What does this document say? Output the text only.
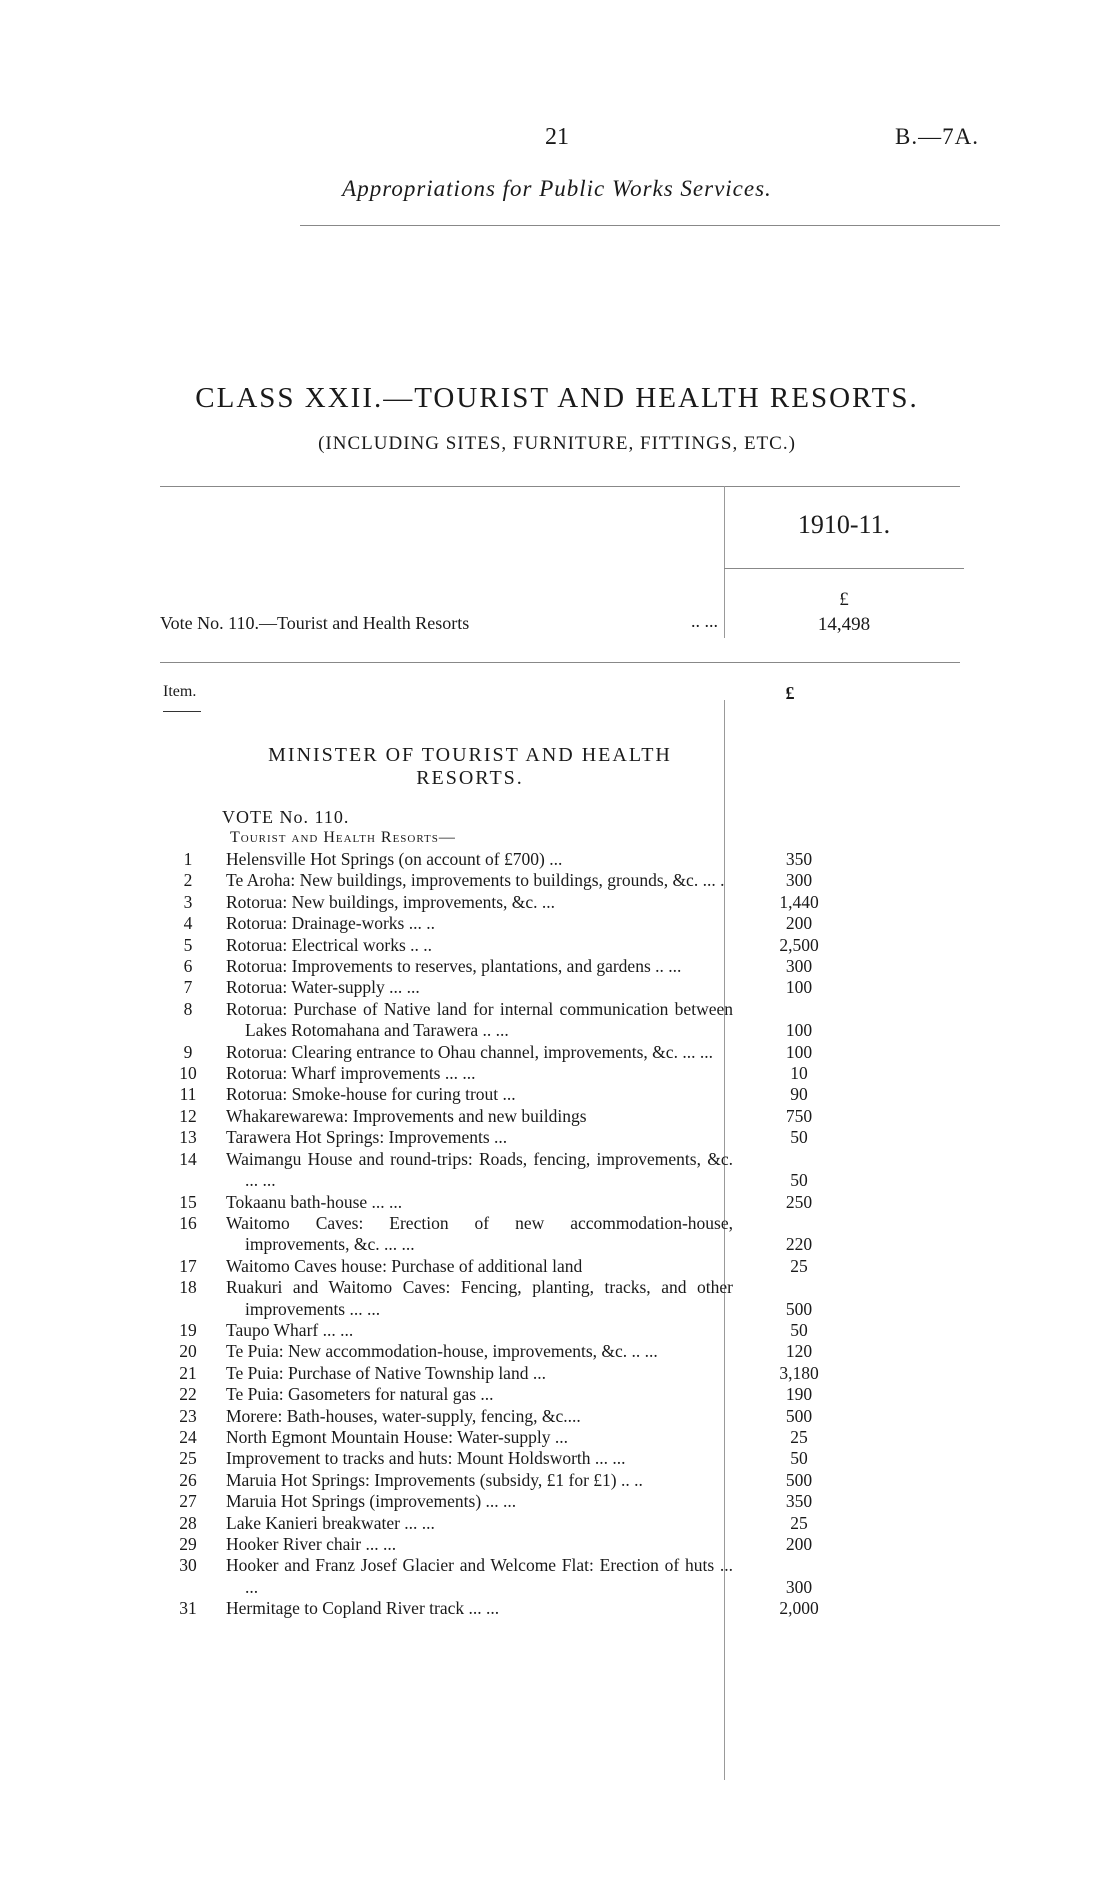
21	B.—7A.
Appropriations for Public Works Services.
CLASS XXII.—TOURIST AND HEALTH RESORTS.
(INCLUDING SITES, FURNITURE, FITTINGS, ETC.)
1910-11.
£
Vote No. 110.—Tourist and Health Resorts	.. ...	14,498
Item.	£
MINISTER OF TOURIST AND HEALTH RESORTS.
VOTE No. 110.
Tourist and Health Resorts—
1	Helensville Hot Springs (on account of £700) ...	350	
2	Te Aroha: New buildings, improvements to buildings, grounds, &c. ... .	300	
3	Rotorua: New buildings, improvements, &c. ...	1,440	
4	Rotorua: Drainage-works ... ..	200	
5	Rotorua: Electrical works .. ..	2,500	
6	Rotorua: Improvements to reserves, plantations, and gardens .. ...	300	
7	Rotorua: Water-supply ... ...	100	
8	Rotorua: Purchase of Native land for internal communication between Lakes Rotomahana and Tarawera .. ...	100	
9	Rotorua: Clearing entrance to Ohau channel, improvements, &c. ... ...	100	
10	Rotorua: Wharf improvements ... ...	10	
11	Rotorua: Smoke-house for curing trout ...	90	
12	Whakarewarewa: Improvements and new buildings	750	
13	Tarawera Hot Springs: Improvements ...	50	
14	Waimangu House and round-trips: Roads, fencing, improvements, &c. ... ...	50	
15	Tokaanu bath-house ... ...	250	
16	Waitomo Caves: Erection of new accommodation-house, improvements, &c. ... ...	220	
17	Waitomo Caves house: Purchase of additional land	25	
18	Ruakuri and Waitomo Caves: Fencing, planting, tracks, and other improvements ... ...	500	
19	Taupo Wharf ... ...	50	
20	Te Puia: New accommodation-house, improvements, &c. .. ...	120	
21	Te Puia: Purchase of Native Township land ...	3,180	
22	Te Puia: Gasometers for natural gas ...	190	
23	Morere: Bath-houses, water-supply, fencing, &c....	500	
24	North Egmont Mountain House: Water-supply ...	25	
25	Improvement to tracks and huts: Mount Holdsworth ... ...	50	
26	Maruia Hot Springs: Improvements (subsidy, £1 for £1) .. ..	500	
27	Maruia Hot Springs (improvements) ... ...	350	
28	Lake Kanieri breakwater ... ...	25	
29	Hooker River chair ... ...	200	
30	Hooker and Franz Josef Glacier and Welcome Flat: Erection of huts ... ...	300	
31	Hermitage to Copland River track ... ...	2,000	
